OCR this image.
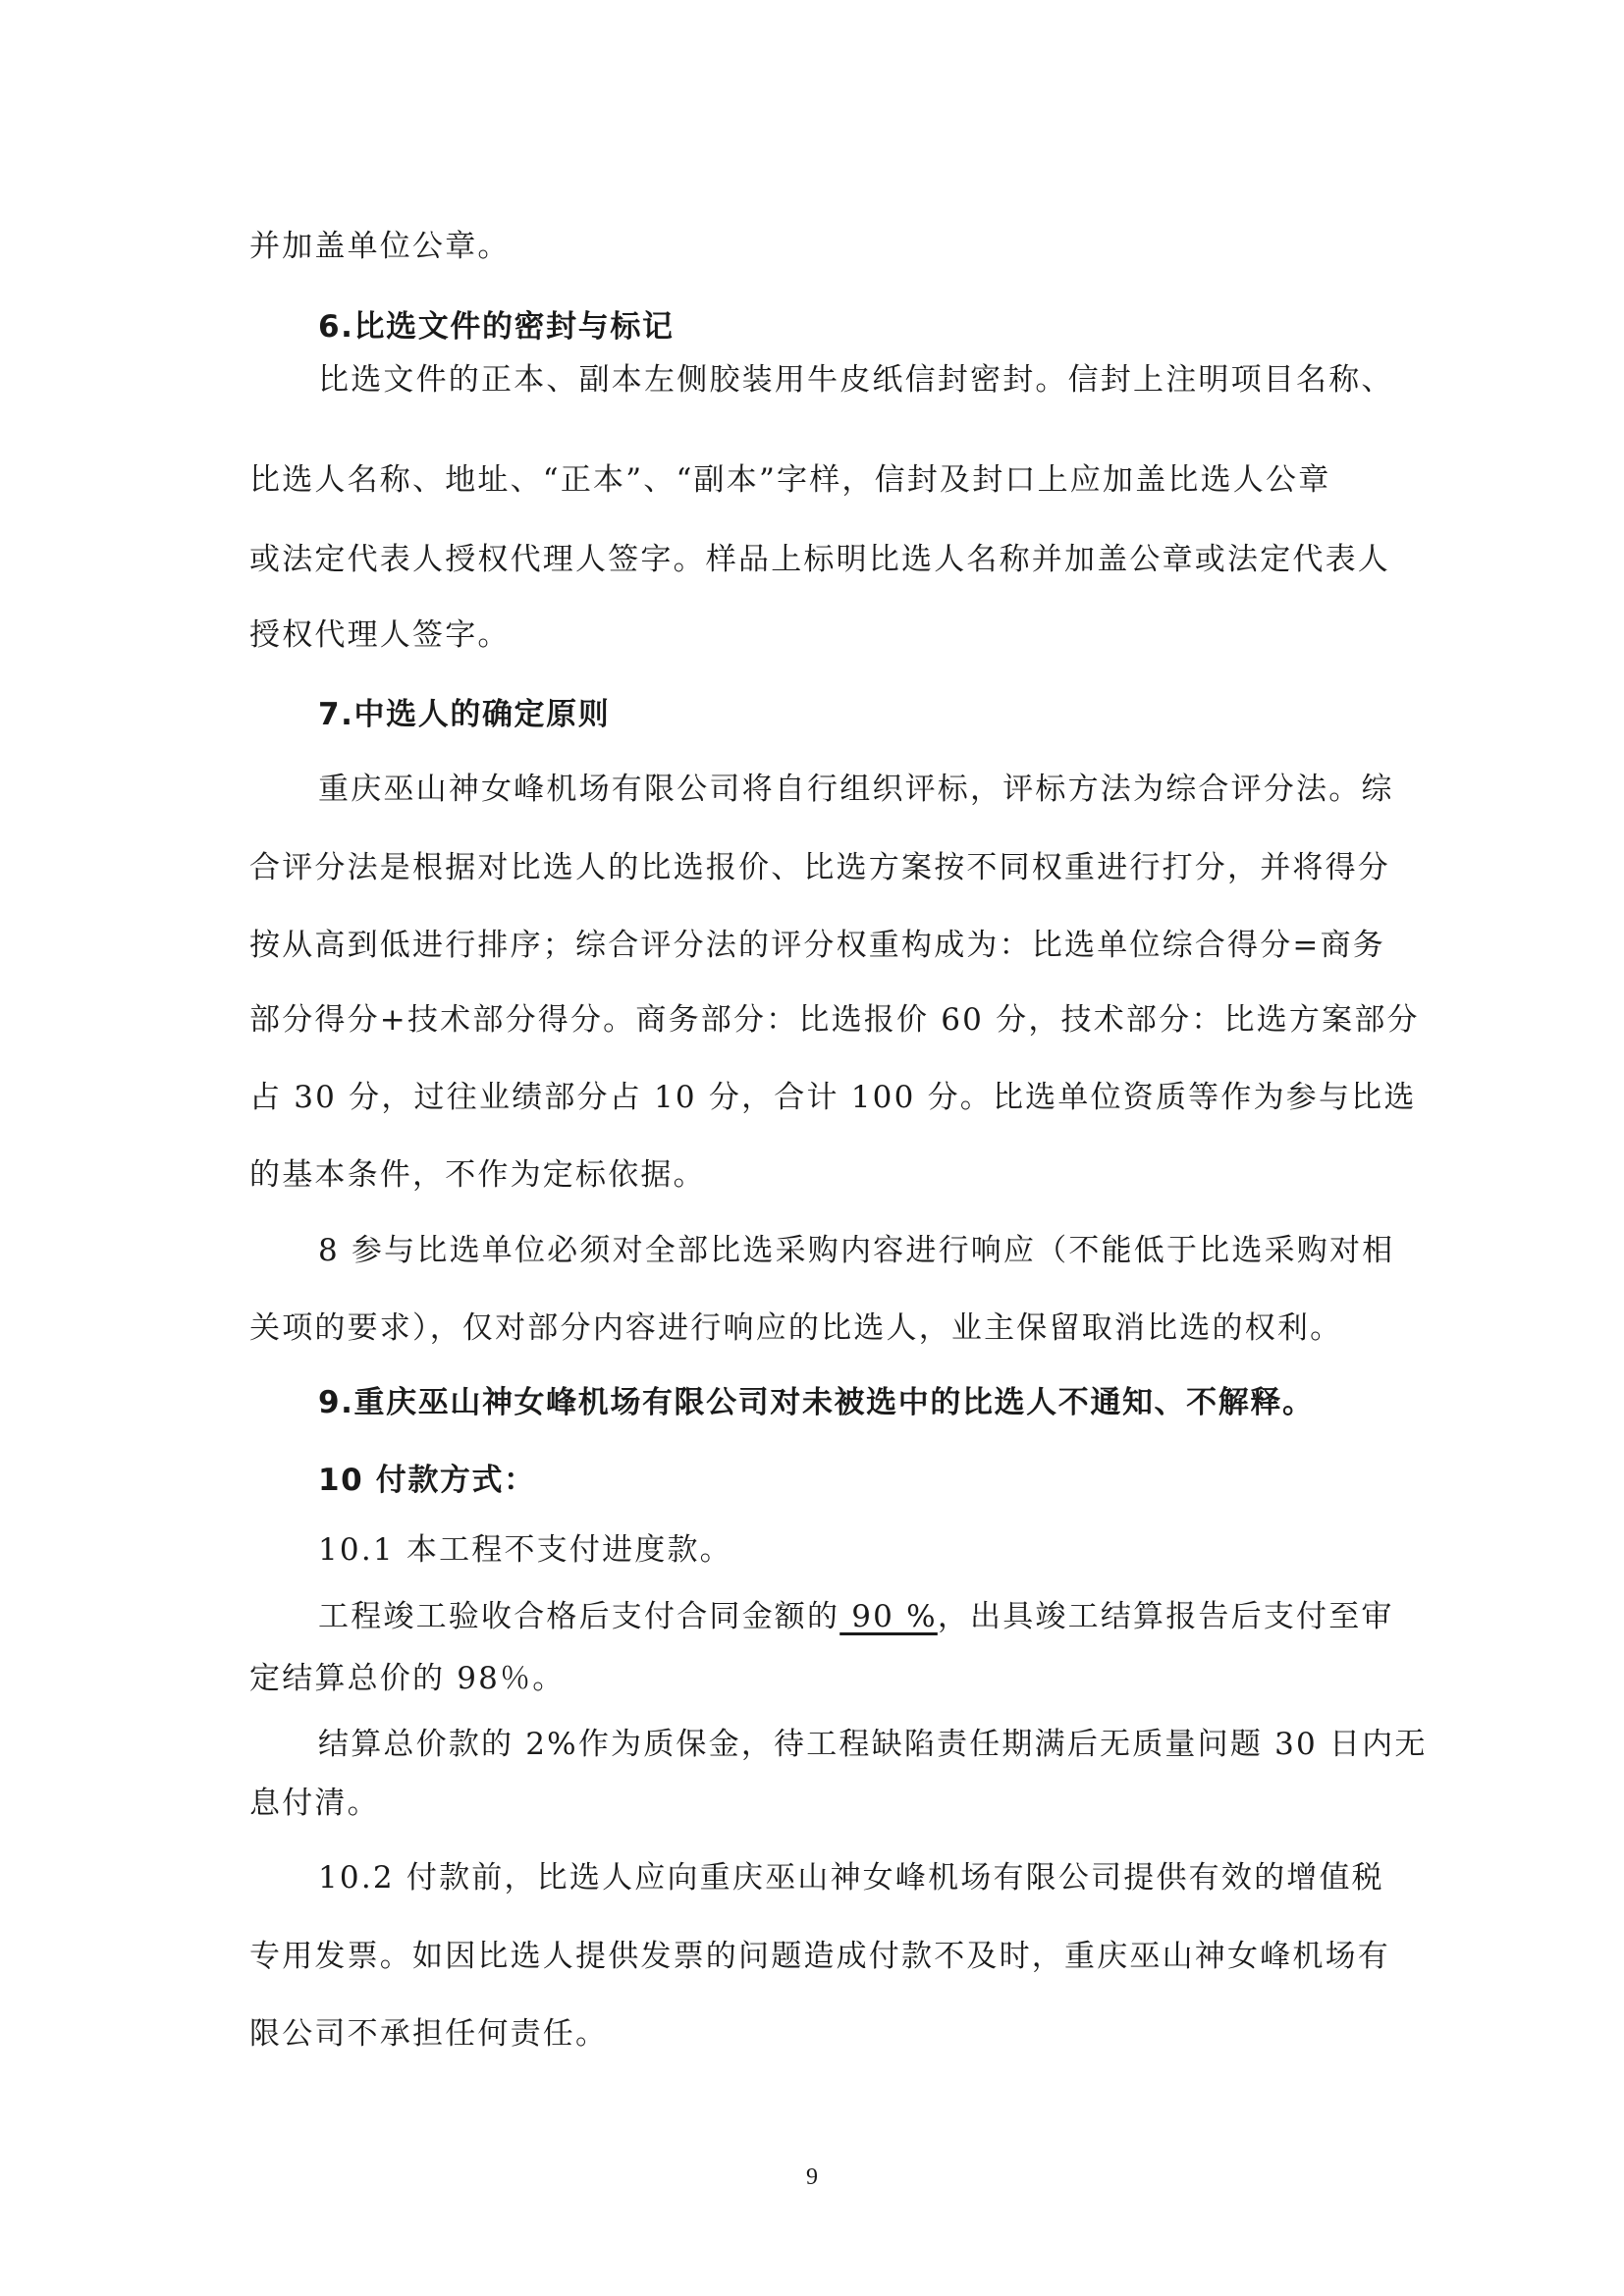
并加盖单位公章。
6.比选文件的密封与标记
比选文件的正本、副本左侧胶装用牛皮纸信封密封。信封上注明项目名称、
比选人名称、地址、“正本”、“副本”字样，信封及封口上应加盖比选人公章
或法定代表人授权代理人签字。样品上标明比选人名称并加盖公章或法定代表人
授权代理人签字。
7.中选人的确定原则
重庆巫山神女峰机场有限公司将自行组织评标，评标方法为综合评分法。综
合评分法是根据对比选人的比选报价、比选方案按不同权重进行打分，并将得分
按从高到低进行排序；综合评分法的评分权重构成为：比选单位综合得分=商务
部分得分+技术部分得分。商务部分：比选报价 60 分，技术部分：比选方案部分
占 30 分，过往业绩部分占 10 分，合计 100 分。比选单位资质等作为参与比选
的基本条件，不作为定标依据。
8 参与比选单位必须对全部比选采购内容进行响应（不能低于比选采购对相
关项的要求），仅对部分内容进行响应的比选人，业主保留取消比选的权利。
9.重庆巫山神女峰机场有限公司对未被选中的比选人不通知、不解释。
10 付款方式：
10.1 本工程不支付进度款。
工程竣工验收合格后支付合同金额的 90 %，出具竣工结算报告后支付至审
定结算总价的 98％。
结算总价款的 2%作为质保金，待工程缺陷责任期满后无质量问题 30 日内无
息付清。
10.2 付款前，比选人应向重庆巫山神女峰机场有限公司提供有效的增值税
专用发票。如因比选人提供发票的问题造成付款不及时，重庆巫山神女峰机场有
限公司不承担任何责任。
9
